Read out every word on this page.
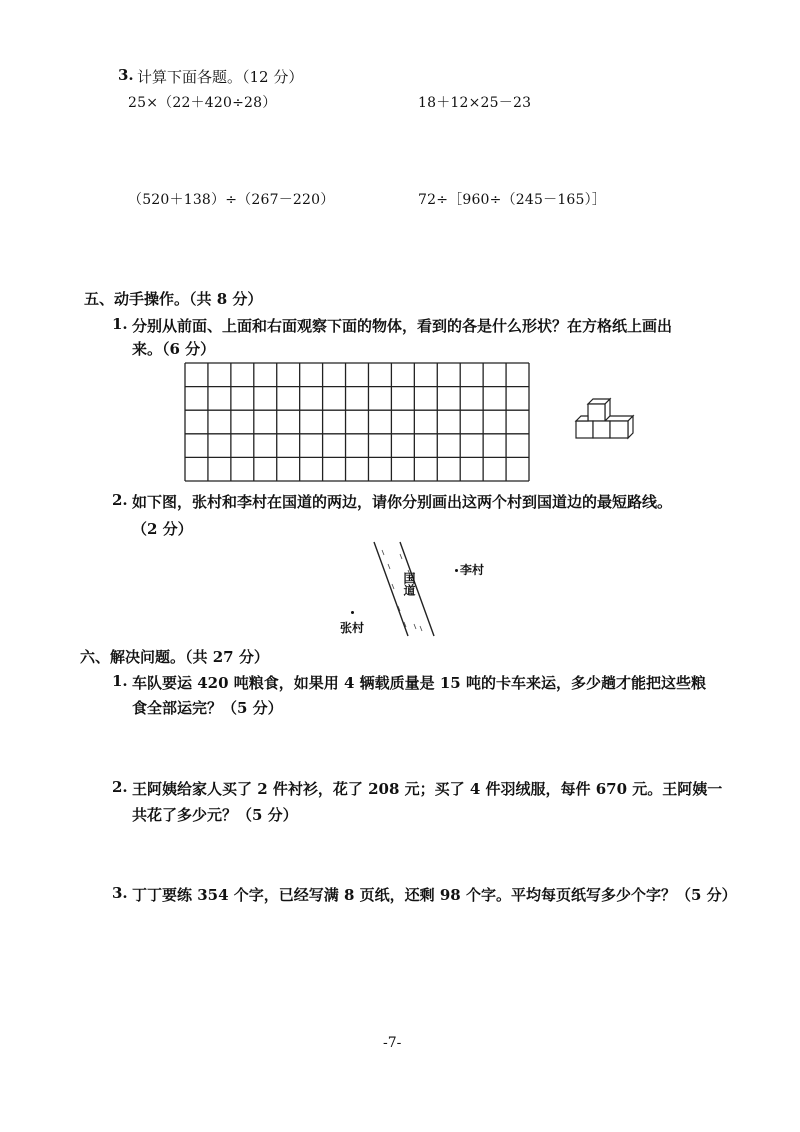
3. 计算下面各题。（12 分）
25×（22＋420÷28）	18＋12×25－23
（520＋138）÷（267－220）	72÷［960÷（245－165）］
五、动手操作。（共 8 分）
1. 分别从前面、上面和右面观察下面的物体，看到的各是什么形状？在方格纸上画出
来。（6 分）
2. 如下图，张村和李村在国道的两边，请你分别画出这两个村到国道边的最短路线。
（2 分）
国道
李村
张村
六、解决问题。（共 27 分）
1. 车队要运 420 吨粮食，如果用 4 辆载质量是 15 吨的卡车来运，多少趟才能把这些粮
食全部运完？（5 分）
2. 王阿姨给家人买了 2 件衬衫，花了 208 元；买了 4 件羽绒服，每件 670 元。王阿姨一
共花了多少元？（5 分）
3. 丁丁要练 354 个字，已经写满 8 页纸，还剩 98 个字。平均每页纸写多少个字？（5 分）
-7-
